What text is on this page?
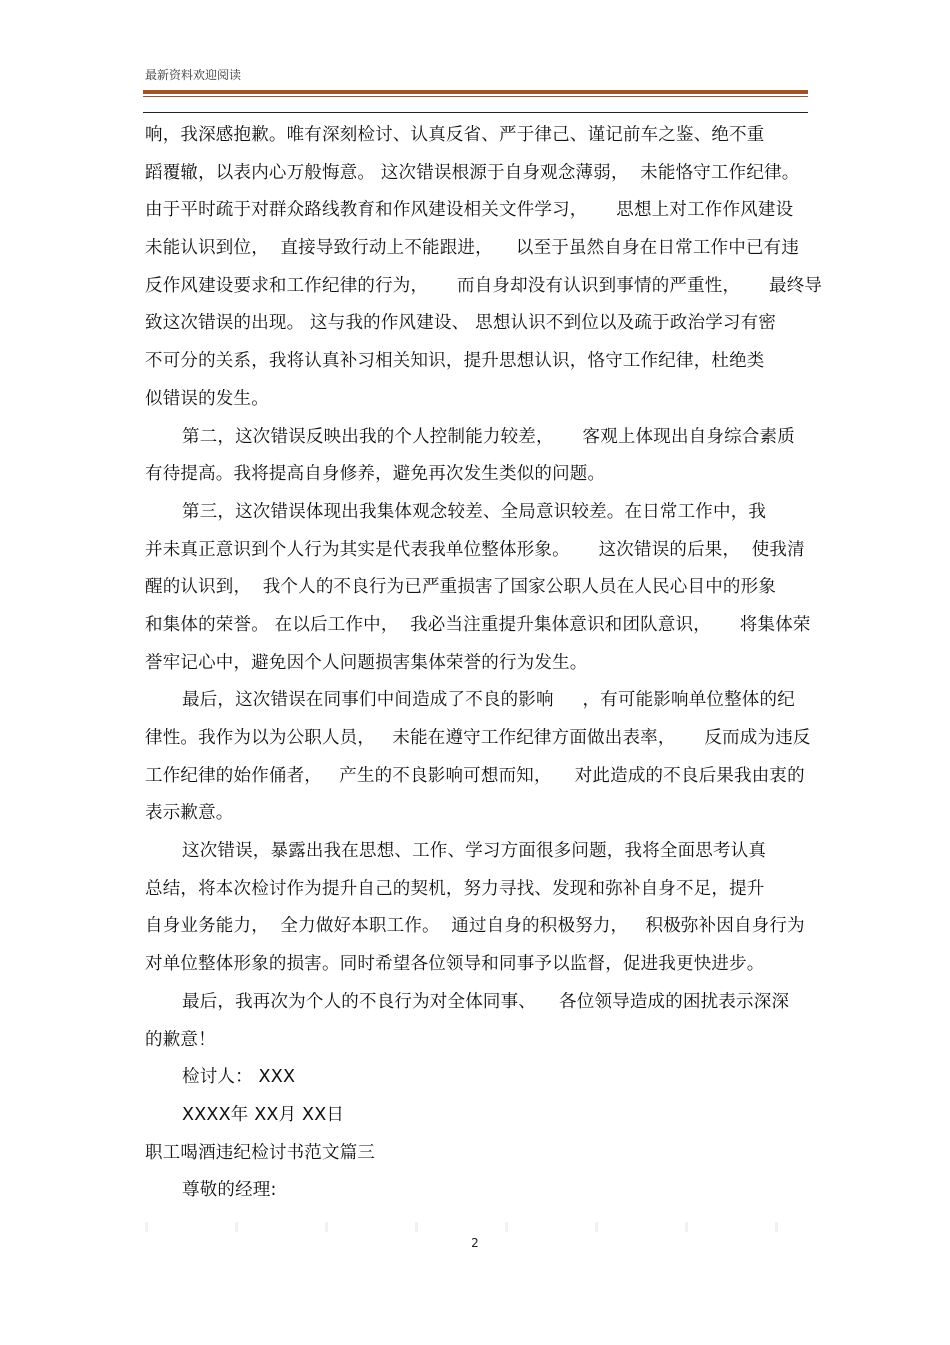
最新资料欢迎阅读
响，我深感抱歉。唯有深刻检讨、认真反省、严于律己、谨记前车之鉴、绝不重
蹈覆辙，以表内心万般悔意。 这次错误根源于自身观念薄弱，  未能恪守工作纪律。
由于平时疏于对群众路线教育和作风建设相关文件学习，     思想上对工作作风建设
未能认识到位，  直接导致行动上不能跟进，    以至于虽然自身在日常工作中已有违
反作风建设要求和工作纪律的行为，     而自身却没有认识到事情的严重性，     最终导
致这次错误的出现。 这与我的作风建设、 思想认识不到位以及疏于政治学习有密
不可分的关系，我将认真补习相关知识，提升思想认识，恪守工作纪律，杜绝类
似错误的发生。
第二，这次错误反映出我的个人控制能力较差，     客观上体现出自身综合素质
有待提高。我将提高自身修养，避免再次发生类似的问题。
第三，这次错误体现出我集体观念较差、全局意识较差。在日常工作中，我
并未真正意识到个人行为其实是代表我单位整体形象。     这次错误的后果，  使我清
醒的认识到，  我个人的不良行为已严重损害了国家公职人员在人民心目中的形象
和集体的荣誉。 在以后工作中，  我必当注重提升集体意识和团队意识，     将集体荣
誉牢记心中，避免因个人问题损害集体荣誉的行为发生。
最后，这次错误在同事们中间造成了不良的影响     ，有可能影响单位整体的纪
律性。我作为以为公职人员，   未能在遵守工作纪律方面做出表率，     反而成为违反
工作纪律的始作俑者，   产生的不良影响可想而知，    对此造成的不良后果我由衷的
表示歉意。
这次错误，暴露出我在思想、工作、学习方面很多问题，我将全面思考认真
总结，将本次检讨作为提升自己的契机，努力寻找、发现和弥补自身不足，提升
自身业务能力，  全力做好本职工作。  通过自身的积极努力，   积极弥补因自身行为
对单位整体形象的损害。同时希望各位领导和同事予以监督，促进我更快进步。
最后，我再次为个人的不良行为对全体同事、    各位领导造成的困扰表示深深
的歉意！
检讨人： XXX
XXXX年 XX月 XX日
职工喝酒违纪检讨书范文篇三
尊敬的经理:
2
